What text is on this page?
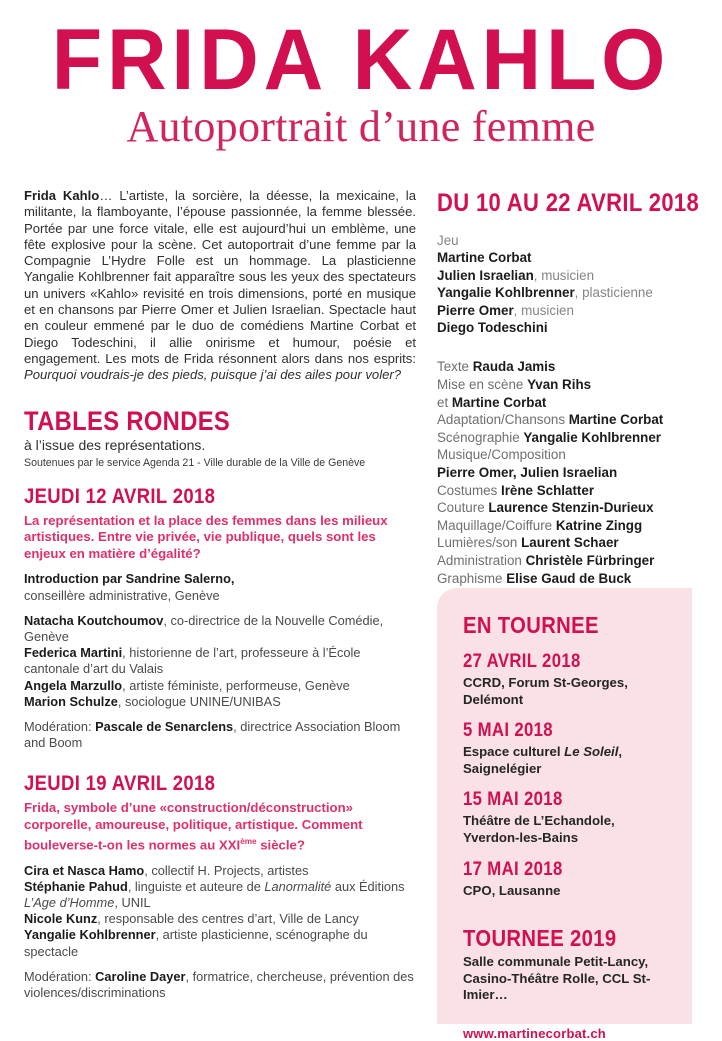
FRIDA KAHLO
Autoportrait d’une femme

Frida Kahlo… L’artiste, la sorcière, la déesse, la mexicaine, la militante, la flamboyante, l’épouse passionnée, la femme blessée. Portée par une force vitale, elle est aujourd’hui un emblème, une fête explosive pour la scène. Cet autoportrait d’une femme par la Compagnie L’Hydre Folle est un hommage. La plasticienne Yangalie Kohlbrenner fait apparaître sous les yeux des spectateurs un univers «Kahlo» revisité en trois dimensions, porté en musique et en chansons par Pierre Omer et Julien Israelian. Spectacle haut en couleur emmené par le duo de comédiens Martine Corbat et Diego Todeschini, il allie onirisme et humour, poésie et engagement. Les mots de Frida résonnent alors dans nos esprits: Pourquoi voudrais-je des pieds, puisque j’ai des ailes pour voler?

TABLES RONDES

à l’issue des représentations.

Soutenues par le service Agenda 21 - Ville durable de la Ville de Genève

JEUDI 12 AVRIL 2018

La représentation et la place des femmes dans les milieux artistiques. Entre vie privée, vie publique, quels sont les enjeux en matière d’égalité?

Introduction par Sandrine Salerno,

conseillère administrative, Genève

Natacha Koutchoumov, co-directrice de la Nouvelle Comédie, Genève

Federica Martini, historienne de l’art, professeure à l’École cantonale d’art du Valais

Angela Marzullo, artiste féministe, performeuse, Genève

Marion Schulze, sociologue UNINE/UNIBAS

Modération: Pascale de Senarclens, directrice Association Bloom and Boom

JEUDI 19 AVRIL 2018

Frida, symbole d’une «construction/déconstruction» corporelle, amoureuse, politique, artistique. Comment bouleverse-t-on les normes au XXIème siècle?

Cira et Nasca Hamo, collectif H. Projects, artistes

Stéphanie Pahud, linguiste et auteure de Lanormalité aux Éditions L’Age d’Homme, UNIL

Nicole Kunz, responsable des centres d’art, Ville de Lancy

Yangalie Kohlbrenner, artiste plasticienne, scénographe du spectacle

Modération: Caroline Dayer, formatrice, chercheuse, prévention des violences/discriminations

DU 10 AU 22 AVRIL 2018

Jeu

Martine Corbat

Julien Israelian, musicien

Yangalie Kohlbrenner, plasticienne

Pierre Omer, musicien

Diego Todeschini

Texte Rauda Jamis

Mise en scène Yvan Rihs

et Martine Corbat

Adaptation/Chansons Martine Corbat

Scénographie Yangalie Kohlbrenner

Musique/Composition

Pierre Omer, Julien Israelian

Costumes Irène Schlatter

Couture Laurence Stenzin-Durieux

Maquillage/Coiffure Katrine Zingg

Lumières/son Laurent Schaer

Administration Christèle Fürbringer

Graphisme Elise Gaud de Buck

EN TOURNEE
27 AVRIL 2018

CCRD, Forum St-Georges, Delémont

5 MAI 2018

Espace culturel Le Soleil, Saignelégier

15 MAI 2018

Théâtre de L’Echandole, Yverdon-les-Bains

17 MAI 2018

CPO, Lausanne

TOURNEE 2019

Salle communale Petit-Lancy, Casino-Théâtre Rolle, CCL St-Imier…

www.martinecorbat.ch
